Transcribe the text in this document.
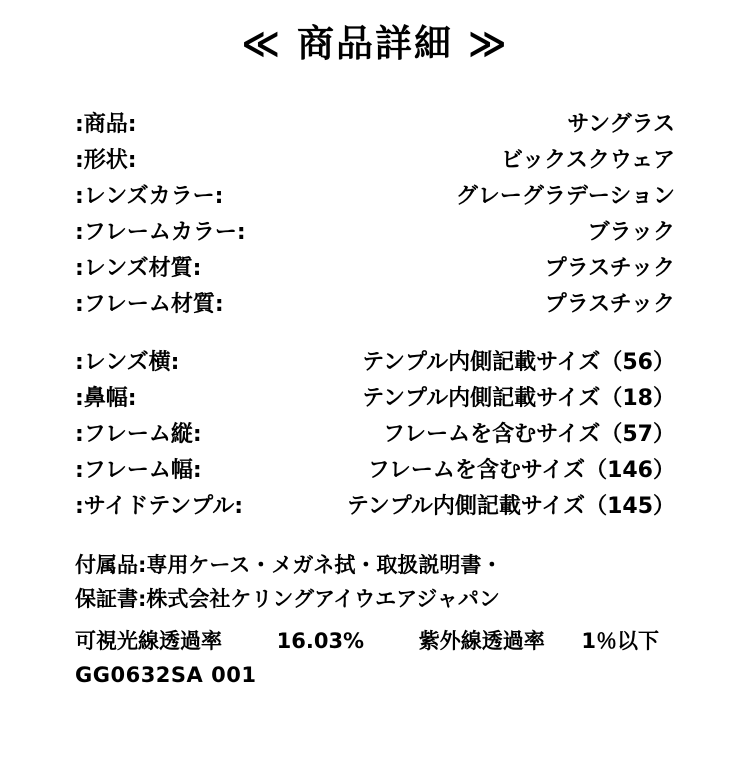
≪ 商品詳細 ≫
:商品:	サングラス
:形状:	ビックスクウェア
:レンズカラー:	グレーグラデーション
:フレームカラー:	ブラック
:レンズ材質:	プラスチック
:フレーム材質:	プラスチック

:レンズ横:	テンプル内側記載サイズ（56）
:鼻幅:	テンプル内側記載サイズ（18）
:フレーム縦:	フレームを含むサイズ（57）
:フレーム幅:	フレームを含むサイズ（146）
:サイドテンプル:	テンプル内側記載サイズ（145）
付属品:専用ケース・メガネ拭・取扱説明書・
保証書:株式会社ケリングアイウエアジャパン
可視光線透過率	16.03%	紫外線透過率 1％以下
GG0632SA 001
